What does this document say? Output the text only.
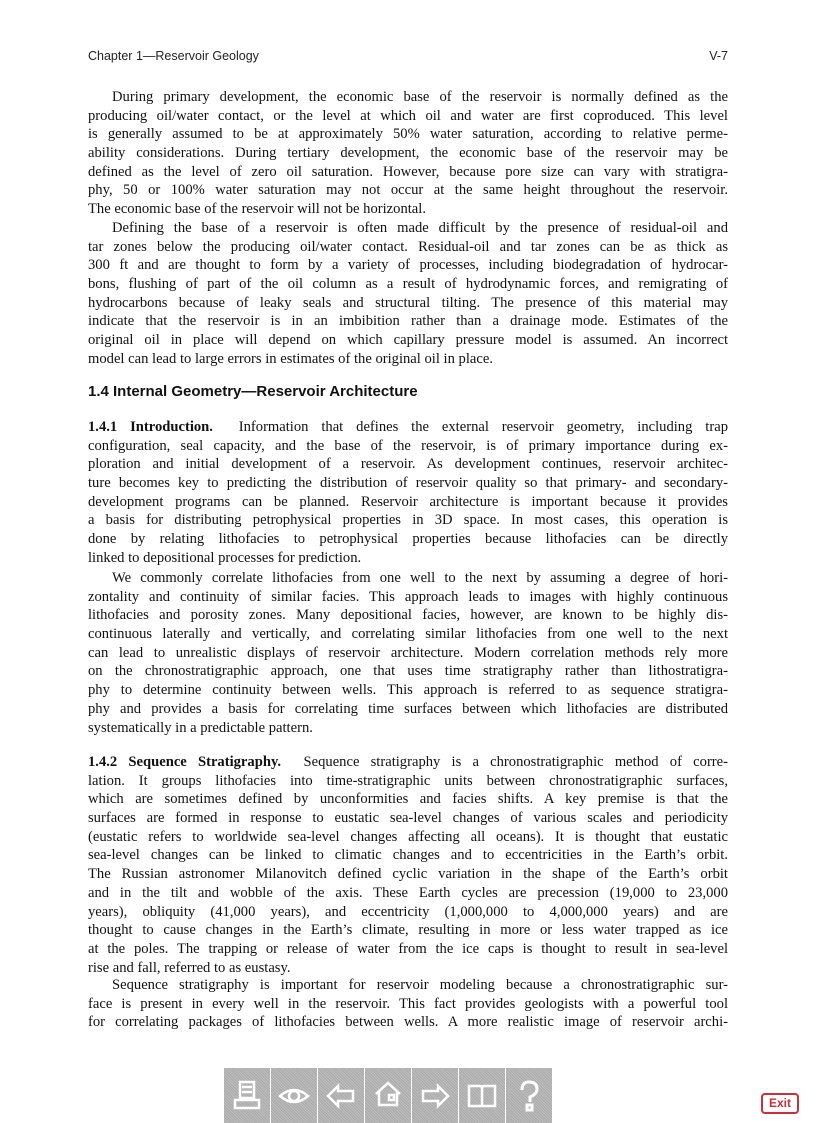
Chapter 1—Reservoir Geology	V-7
During primary development, the economic base of the reservoir is normally defined as the
producing oil/water contact, or the level at which oil and water are first coproduced. This level
is generally assumed to be at approximately 50% water saturation, according to relative perme-
ability considerations. During tertiary development, the economic base of the reservoir may be
defined as the level of zero oil saturation. However, because pore size can vary with stratigra-
phy, 50 or 100% water saturation may not occur at the same height throughout the reservoir.
The economic base of the reservoir will not be horizontal.
Defining the base of a reservoir is often made difficult by the presence of residual-oil and
tar zones below the producing oil/water contact. Residual-oil and tar zones can be as thick as
300 ft and are thought to form by a variety of processes, including biodegradation of hydrocar-
bons, flushing of part of the oil column as a result of hydrodynamic forces, and remigrating of
hydrocarbons because of leaky seals and structural tilting. The presence of this material may
indicate that the reservoir is in an imbibition rather than a drainage mode. Estimates of the
original oil in place will depend on which capillary pressure model is assumed. An incorrect
model can lead to large errors in estimates of the original oil in place.
1.4 Internal Geometry—Reservoir Architecture
1.4.1 Introduction.  Information that defines the external reservoir geometry, including trap
configuration, seal capacity, and the base of the reservoir, is of primary importance during ex-
ploration and initial development of a reservoir. As development continues, reservoir architec-
ture becomes key to predicting the distribution of reservoir quality so that primary- and secondary-
development programs can be planned. Reservoir architecture is important because it provides
a basis for distributing petrophysical properties in 3D space. In most cases, this operation is
done by relating lithofacies to petrophysical properties because lithofacies can be directly
linked to depositional processes for prediction.
We commonly correlate lithofacies from one well to the next by assuming a degree of hori-
zontality and continuity of similar facies. This approach leads to images with highly continuous
lithofacies and porosity zones. Many depositional facies, however, are known to be highly dis-
continuous laterally and vertically, and correlating similar lithofacies from one well to the next
can lead to unrealistic displays of reservoir architecture. Modern correlation methods rely more
on the chronostratigraphic approach, one that uses time stratigraphy rather than lithostratigra-
phy to determine continuity between wells. This approach is referred to as sequence stratigra-
phy and provides a basis for correlating time surfaces between which lithofacies are distributed
systematically in a predictable pattern.
1.4.2 Sequence Stratigraphy.  Sequence stratigraphy is a chronostratigraphic method of corre-
lation. It groups lithofacies into time-stratigraphic units between chronostratigraphic surfaces,
which are sometimes defined by unconformities and facies shifts. A key premise is that the
surfaces are formed in response to eustatic sea-level changes of various scales and periodicity
(eustatic refers to worldwide sea-level changes affecting all oceans). It is thought that eustatic
sea-level changes can be linked to climatic changes and to eccentricities in the Earth’s orbit.
The Russian astronomer Milanovitch defined cyclic variation in the shape of the Earth’s orbit
and in the tilt and wobble of the axis. These Earth cycles are precession (19,000 to 23,000
years), obliquity (41,000 years), and eccentricity (1,000,000 to 4,000,000 years) and are
thought to cause changes in the Earth’s climate, resulting in more or less water trapped as ice
at the poles. The trapping or release of water from the ice caps is thought to result in sea-level
rise and fall, referred to as eustasy.
Sequence stratigraphy is important for reservoir modeling because a chronostratigraphic sur-
face is present in every well in the reservoir. This fact provides geologists with a powerful tool
for correlating packages of lithofacies between wells. A more realistic image of reservoir archi-
Exit
